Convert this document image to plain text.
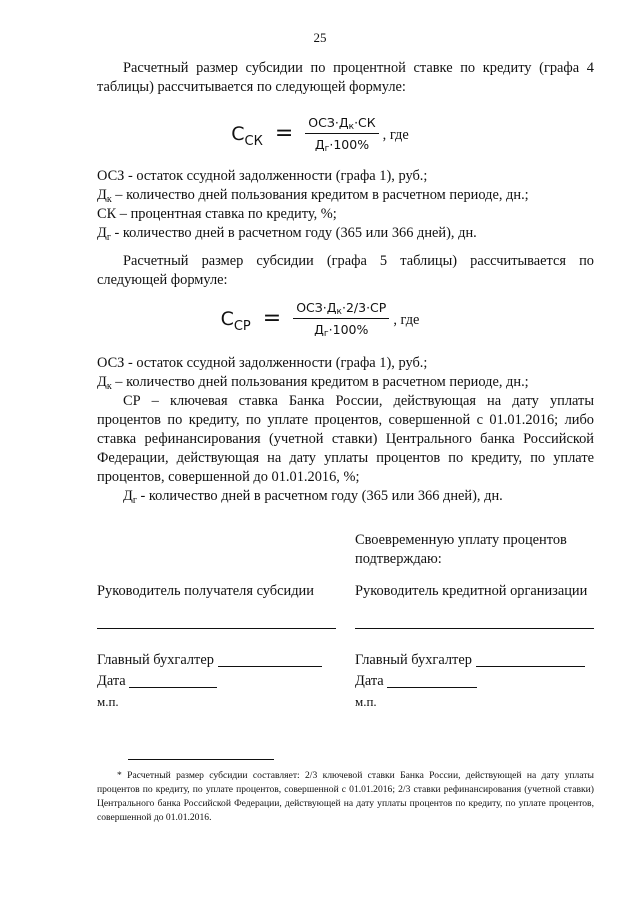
25
Расчетный размер субсидии по процентной ставке по кредиту (графа 4 таблицы) рассчитывается по следующей формуле:
$С_{СК} = \frac{ОСЗ\cdot Д_к\cdot СК}{Д_г\cdot 100\%}$ , где
ОСЗ - остаток ссудной задолженности (графа 1), руб.;
$Д_к$ – количество дней пользования кредитом в расчетном периоде, дн.;
СК – процентная ставка по кредиту, %;
$Д_г$ - количество дней в расчетном году (365 или 366 дней), дн.
Расчетный размер субсидии (графа 5 таблицы) рассчитывается по следующей формуле:
$С_{СР} = \frac{ОСЗ\cdot Д_к\cdot 2/3\cdot СР}{Д_г\cdot 100\%}$ , где
ОСЗ - остаток ссудной задолженности (графа 1), руб.;
$Д_к$ – количество дней пользования кредитом в расчетном периоде, дн.;
СР – ключевая ставка Банка России, действующая на дату уплаты процентов по кредиту, по уплате процентов, совершенной с 01.01.2016; либо ставка рефинансирования (учетной ставки) Центрального банка Российской Федерации, действующая на дату уплаты процентов по кредиту, по уплате процентов, совершенной до 01.01.2016, %;
$Д_г$ - количество дней в расчетном году (365 или 366 дней), дн.
Своевременную уплату процентов подтверждаю:
Руководитель получателя субсидии	Руководитель кредитной организации
Главный бухгалтер	Главный бухгалтер
Дата	Дата
м.п.	м.п.
* Расчетный размер субсидии составляет: 2/3 ключевой ставки Банка России, действующей на дату уплаты процентов по кредиту, по уплате процентов, совершенной с 01.01.2016; 2/3 ставки рефинансирования (учетной ставки) Центрального банка Российской Федерации, действующей на дату уплаты процентов по кредиту, по уплате процентов, совершенной до 01.01.2016.
